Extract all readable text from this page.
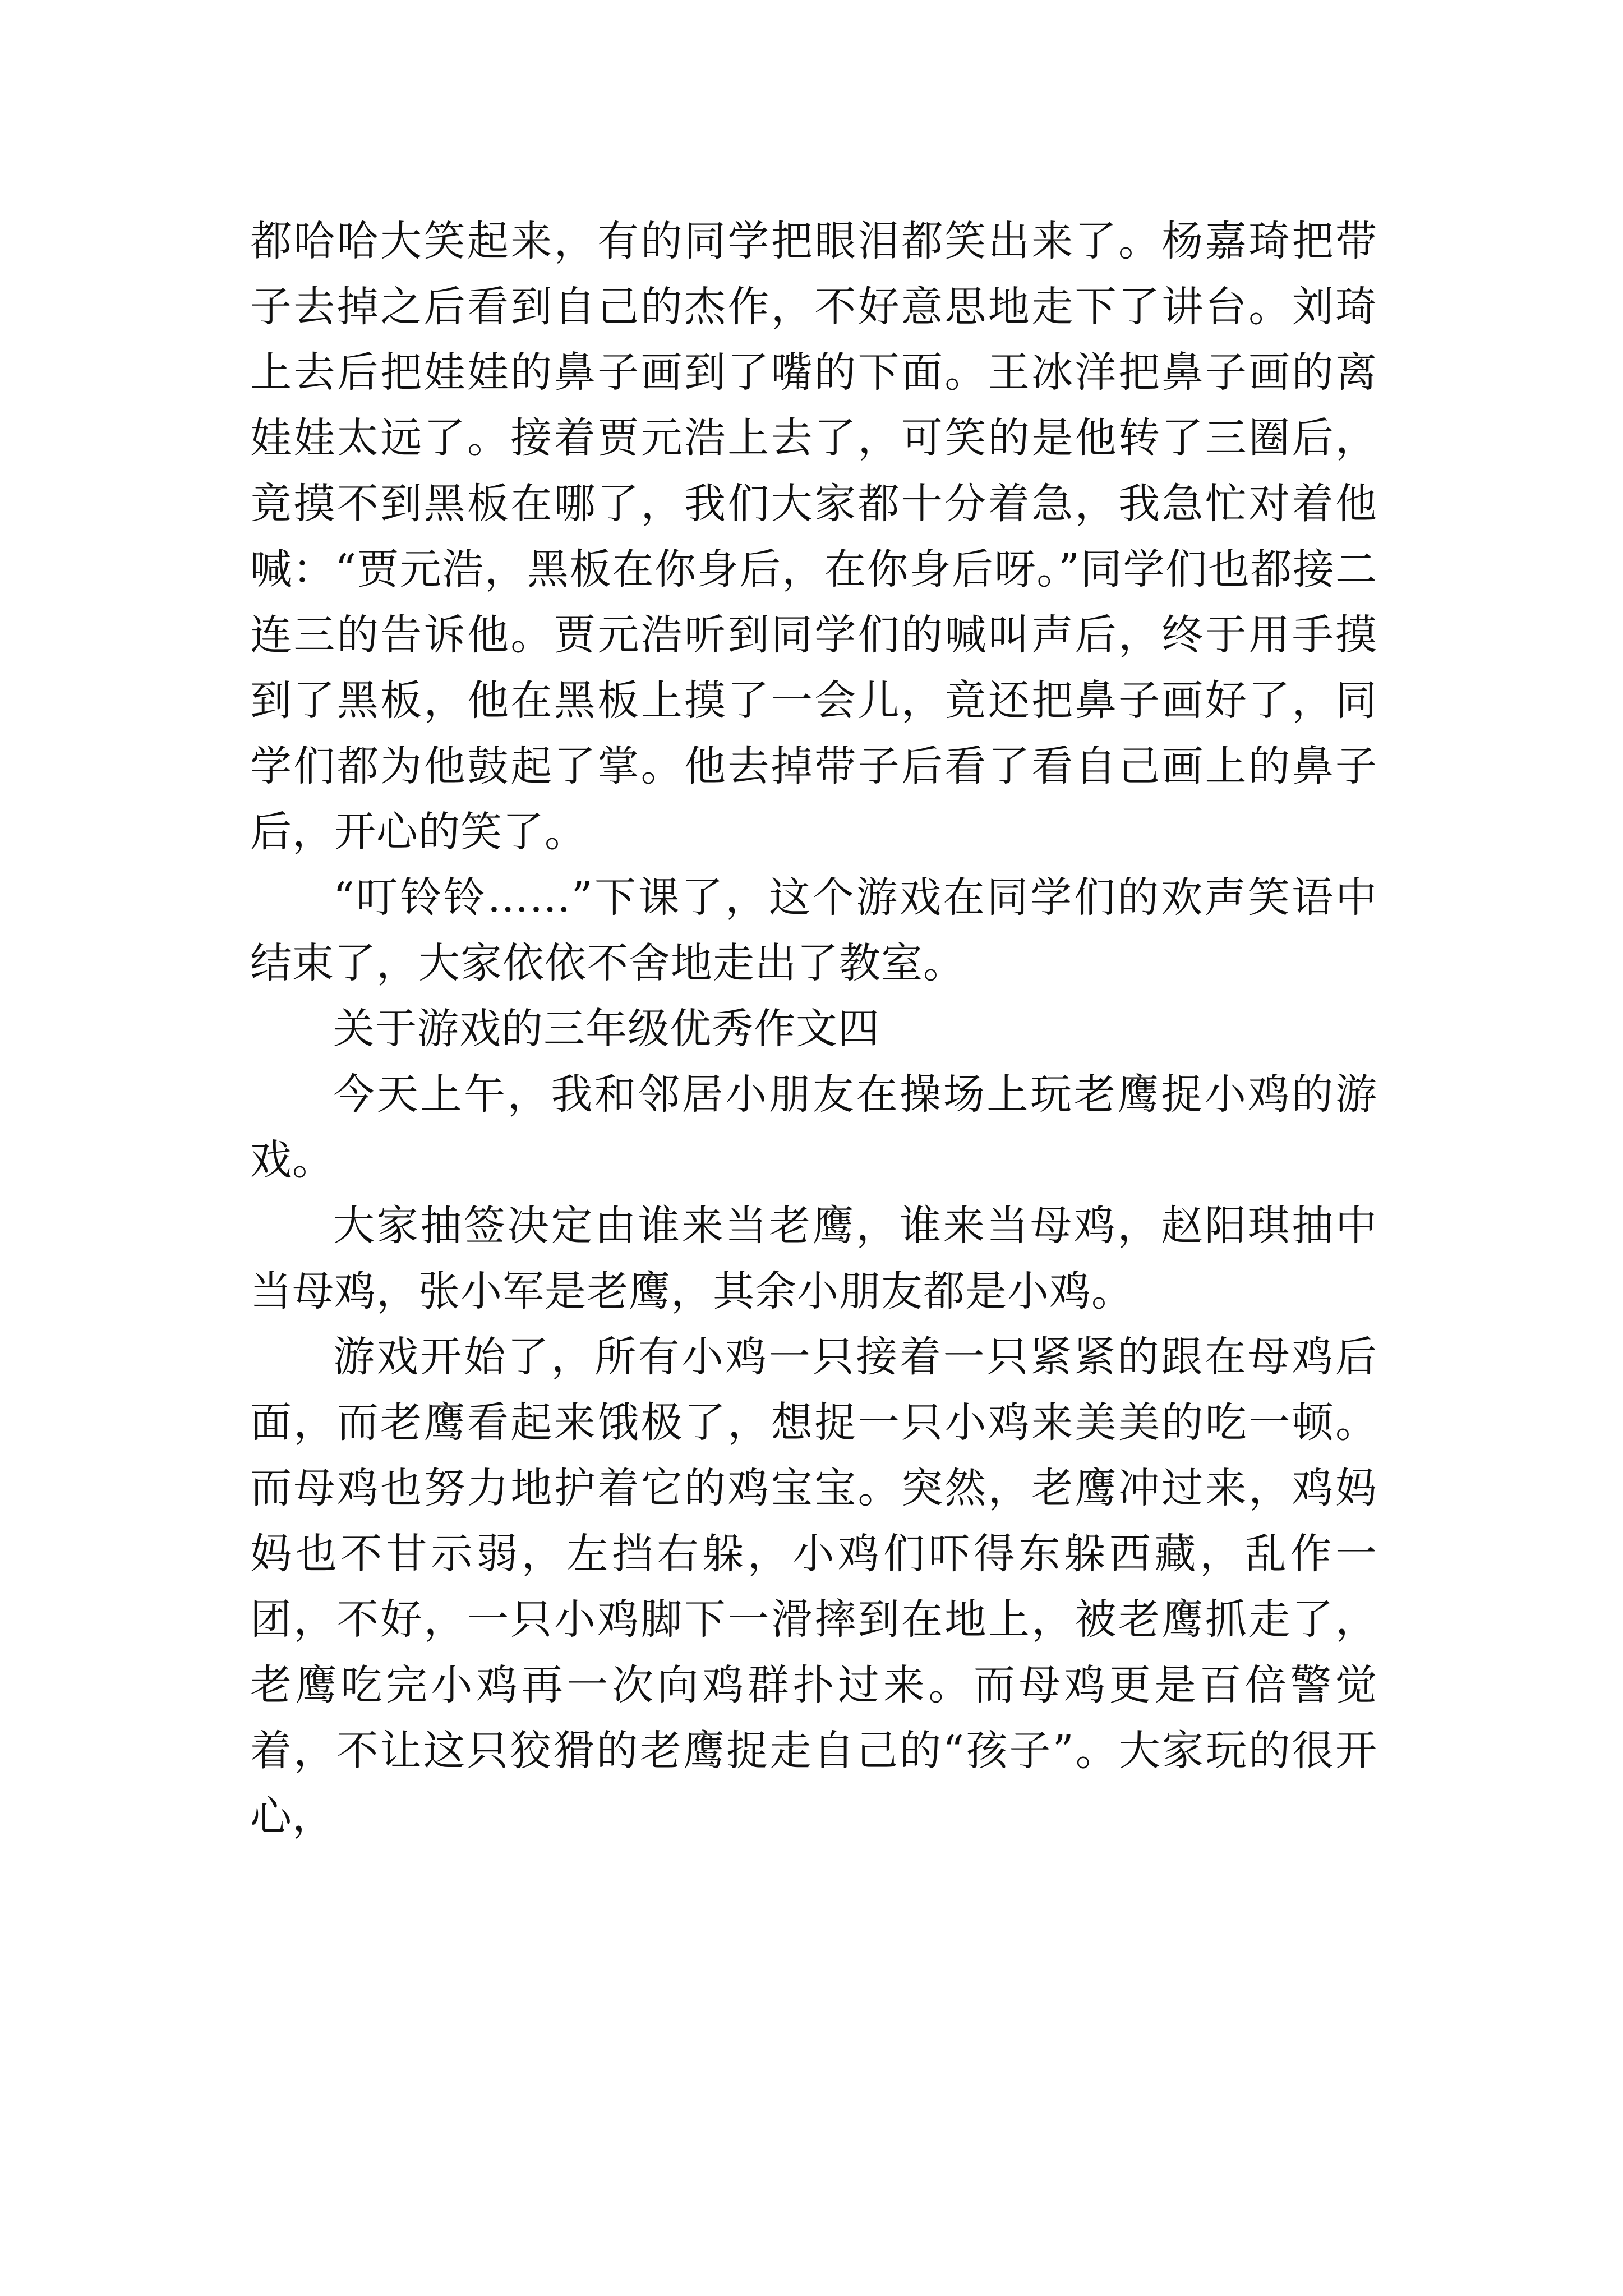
都哈哈大笑起来，有的同学把眼泪都笑出来了。杨嘉琦把带子去掉之后看到自己的杰作，不好意思地走下了讲台。刘琦上去后把娃娃的鼻子画到了嘴的下面。王冰洋把鼻子画的离娃娃太远了。接着贾元浩上去了，可笑的是他转了三圈后，竟摸不到黑板在哪了，我们大家都十分着急，我急忙对着他喊：“贾元浩，黑板在你身后，在你身后呀。”同学们也都接二连三的告诉他。贾元浩听到同学们的喊叫声后，终于用手摸到了黑板，他在黑板上摸了一会儿，竟还把鼻子画好了，同学们都为他鼓起了掌。他去掉带子后看了看自己画上的鼻子后，开心的笑了。

“叮铃铃……”下课了，这个游戏在同学们的欢声笑语中结束了，大家依依不舍地走出了教室。

关于游戏的三年级优秀作文四

今天上午，我和邻居小朋友在操场上玩老鹰捉小鸡的游戏。

大家抽签决定由谁来当老鹰，谁来当母鸡，赵阳琪抽中当母鸡，张小军是老鹰，其余小朋友都是小鸡。

游戏开始了，所有小鸡一只接着一只紧紧的跟在母鸡后面，而老鹰看起来饿极了，想捉一只小鸡来美美的吃一顿。而母鸡也努力地护着它的鸡宝宝。突然，老鹰冲过来，鸡妈妈也不甘示弱，左挡右躲，小鸡们吓得东躲西藏，乱作一团，不好，一只小鸡脚下一滑摔到在地上，被老鹰抓走了，老鹰吃完小鸡再一次向鸡群扑过来。而母鸡更是百倍警觉着，不让这只狡猾的老鹰捉走自己的“孩子”。大家玩的很开心，
